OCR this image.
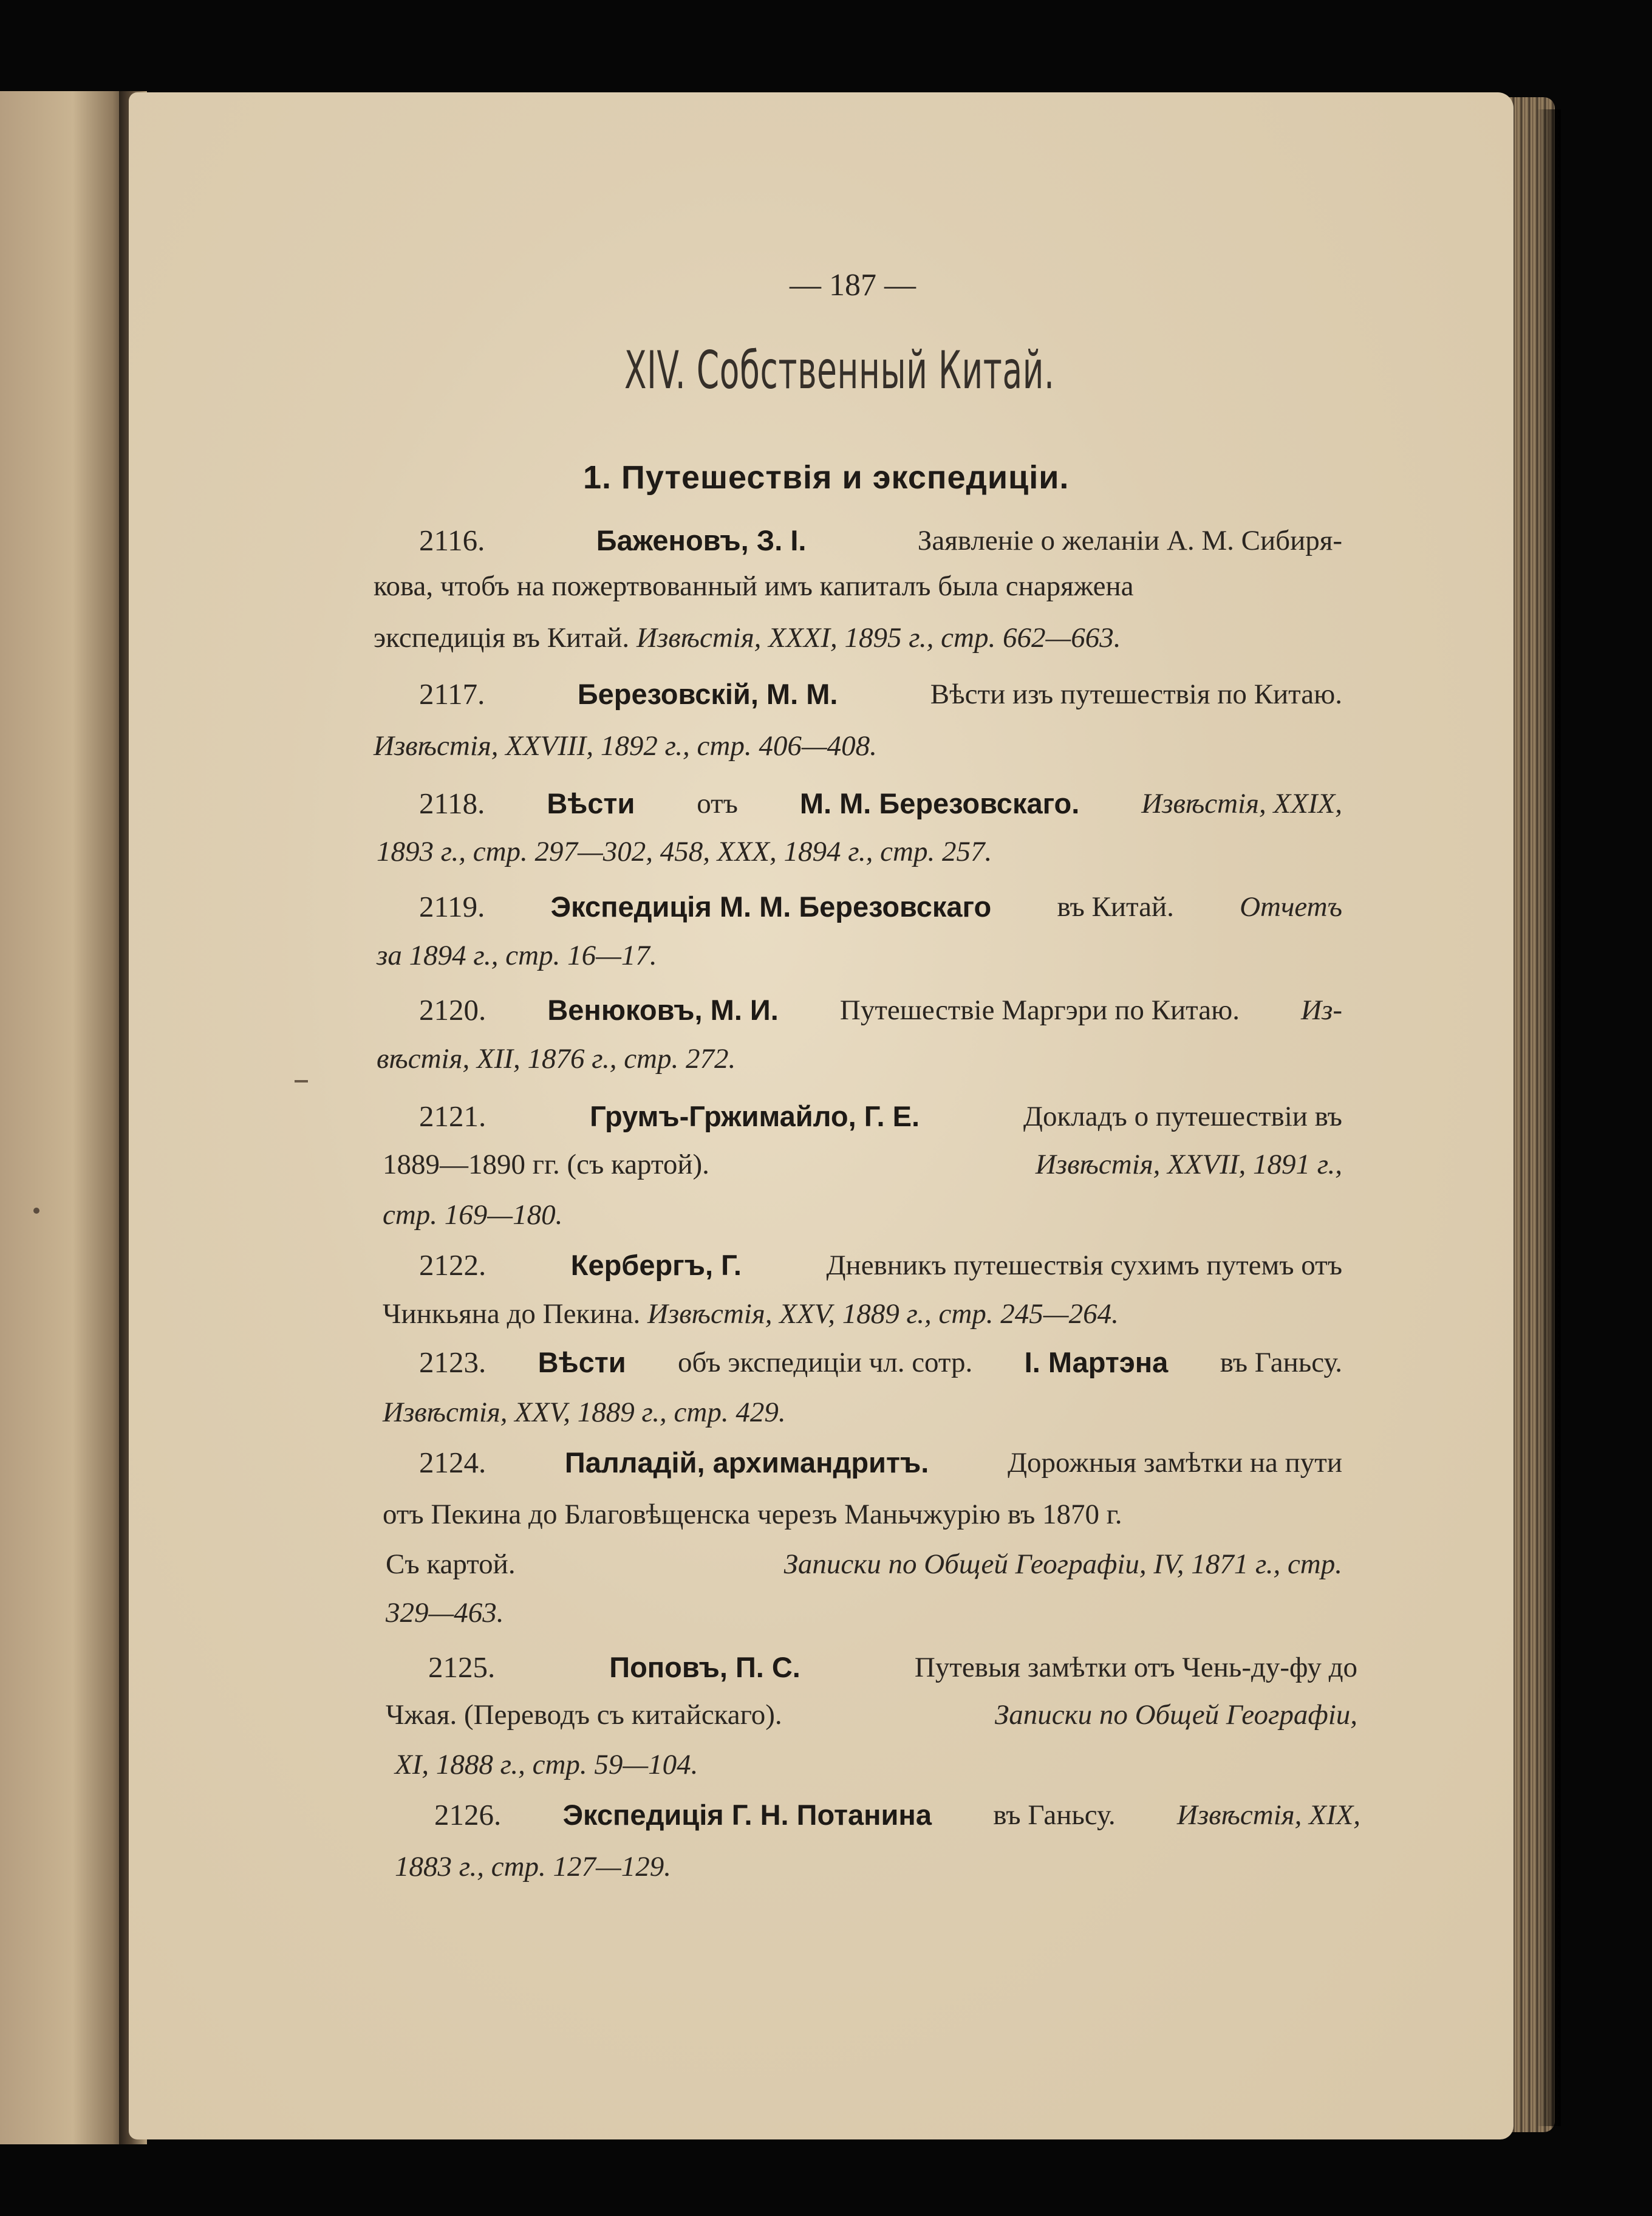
— 187 —
XIV. Собственный Китай.
1. Путешествія и экспедиціи.
2116.	Баженовъ, З. І.	Заявленіе о желаніи А. М. Сибиря-
кова, чтобъ на пожертвованный имъ капиталъ была снаряжена
экспедиція въ Китай. Извѣстія, XXXI, 1895 г., стр. 662—663.
2117.	Березовскій, М. М.	Вѣсти изъ путешествія по Китаю.
Извѣстія, XXVIII, 1892 г., стр. 406—408.
2118. Вѣсти отъ М. М. Березовскаго. Извѣстія, XXIX,
1893 г., стр. 297—302, 458, XXX, 1894 г., стр. 257.
2119. Экспедиція М. М. Березовскаго въ Китай. Отчетъ
за 1894 г., стр. 16—17.
2120. Венюковъ, М. И. Путешествіе Маргэри по Китаю. Из-
вѣстія, XII, 1876 г., стр. 272.
2121.	Грумъ-Гржимайло, Г. Е.	Докладъ о путешествіи въ
1889—1890 гг. (съ картой).	Извѣстія, XXVII, 1891 г.,
стр. 169—180.
2122.	Кербергъ, Г.	Дневникъ путешествія сухимъ путемъ отъ
Чинкьяна до Пекина. Извѣстія, XXV, 1889 г., стр. 245—264.
2123. Вѣсти объ экспедиціи чл. сотр. І. Мартэна въ Ганьсу.
Извѣстія, XXV, 1889 г., стр. 429.
2124.	Палладій, архимандритъ.	Дорожныя замѣтки на пути
отъ Пекина до Благовѣщенска черезъ Маньчжурію въ 1870 г.
Съ картой.	Записки по Общей Географіи, IV, 1871 г., стр.
329—463.
2125.	Поповъ, П. С.	Путевыя замѣтки отъ Чень-ду-фу до
Чжая. (Переводъ съ китайскаго).	Записки по Общей Географіи,
XI, 1888 г., стр. 59—104.
2126. Экспедиція Г. Н. Потанина въ Ганьсу. Извѣстія, XIX,
1883 г., стр. 127—129.
